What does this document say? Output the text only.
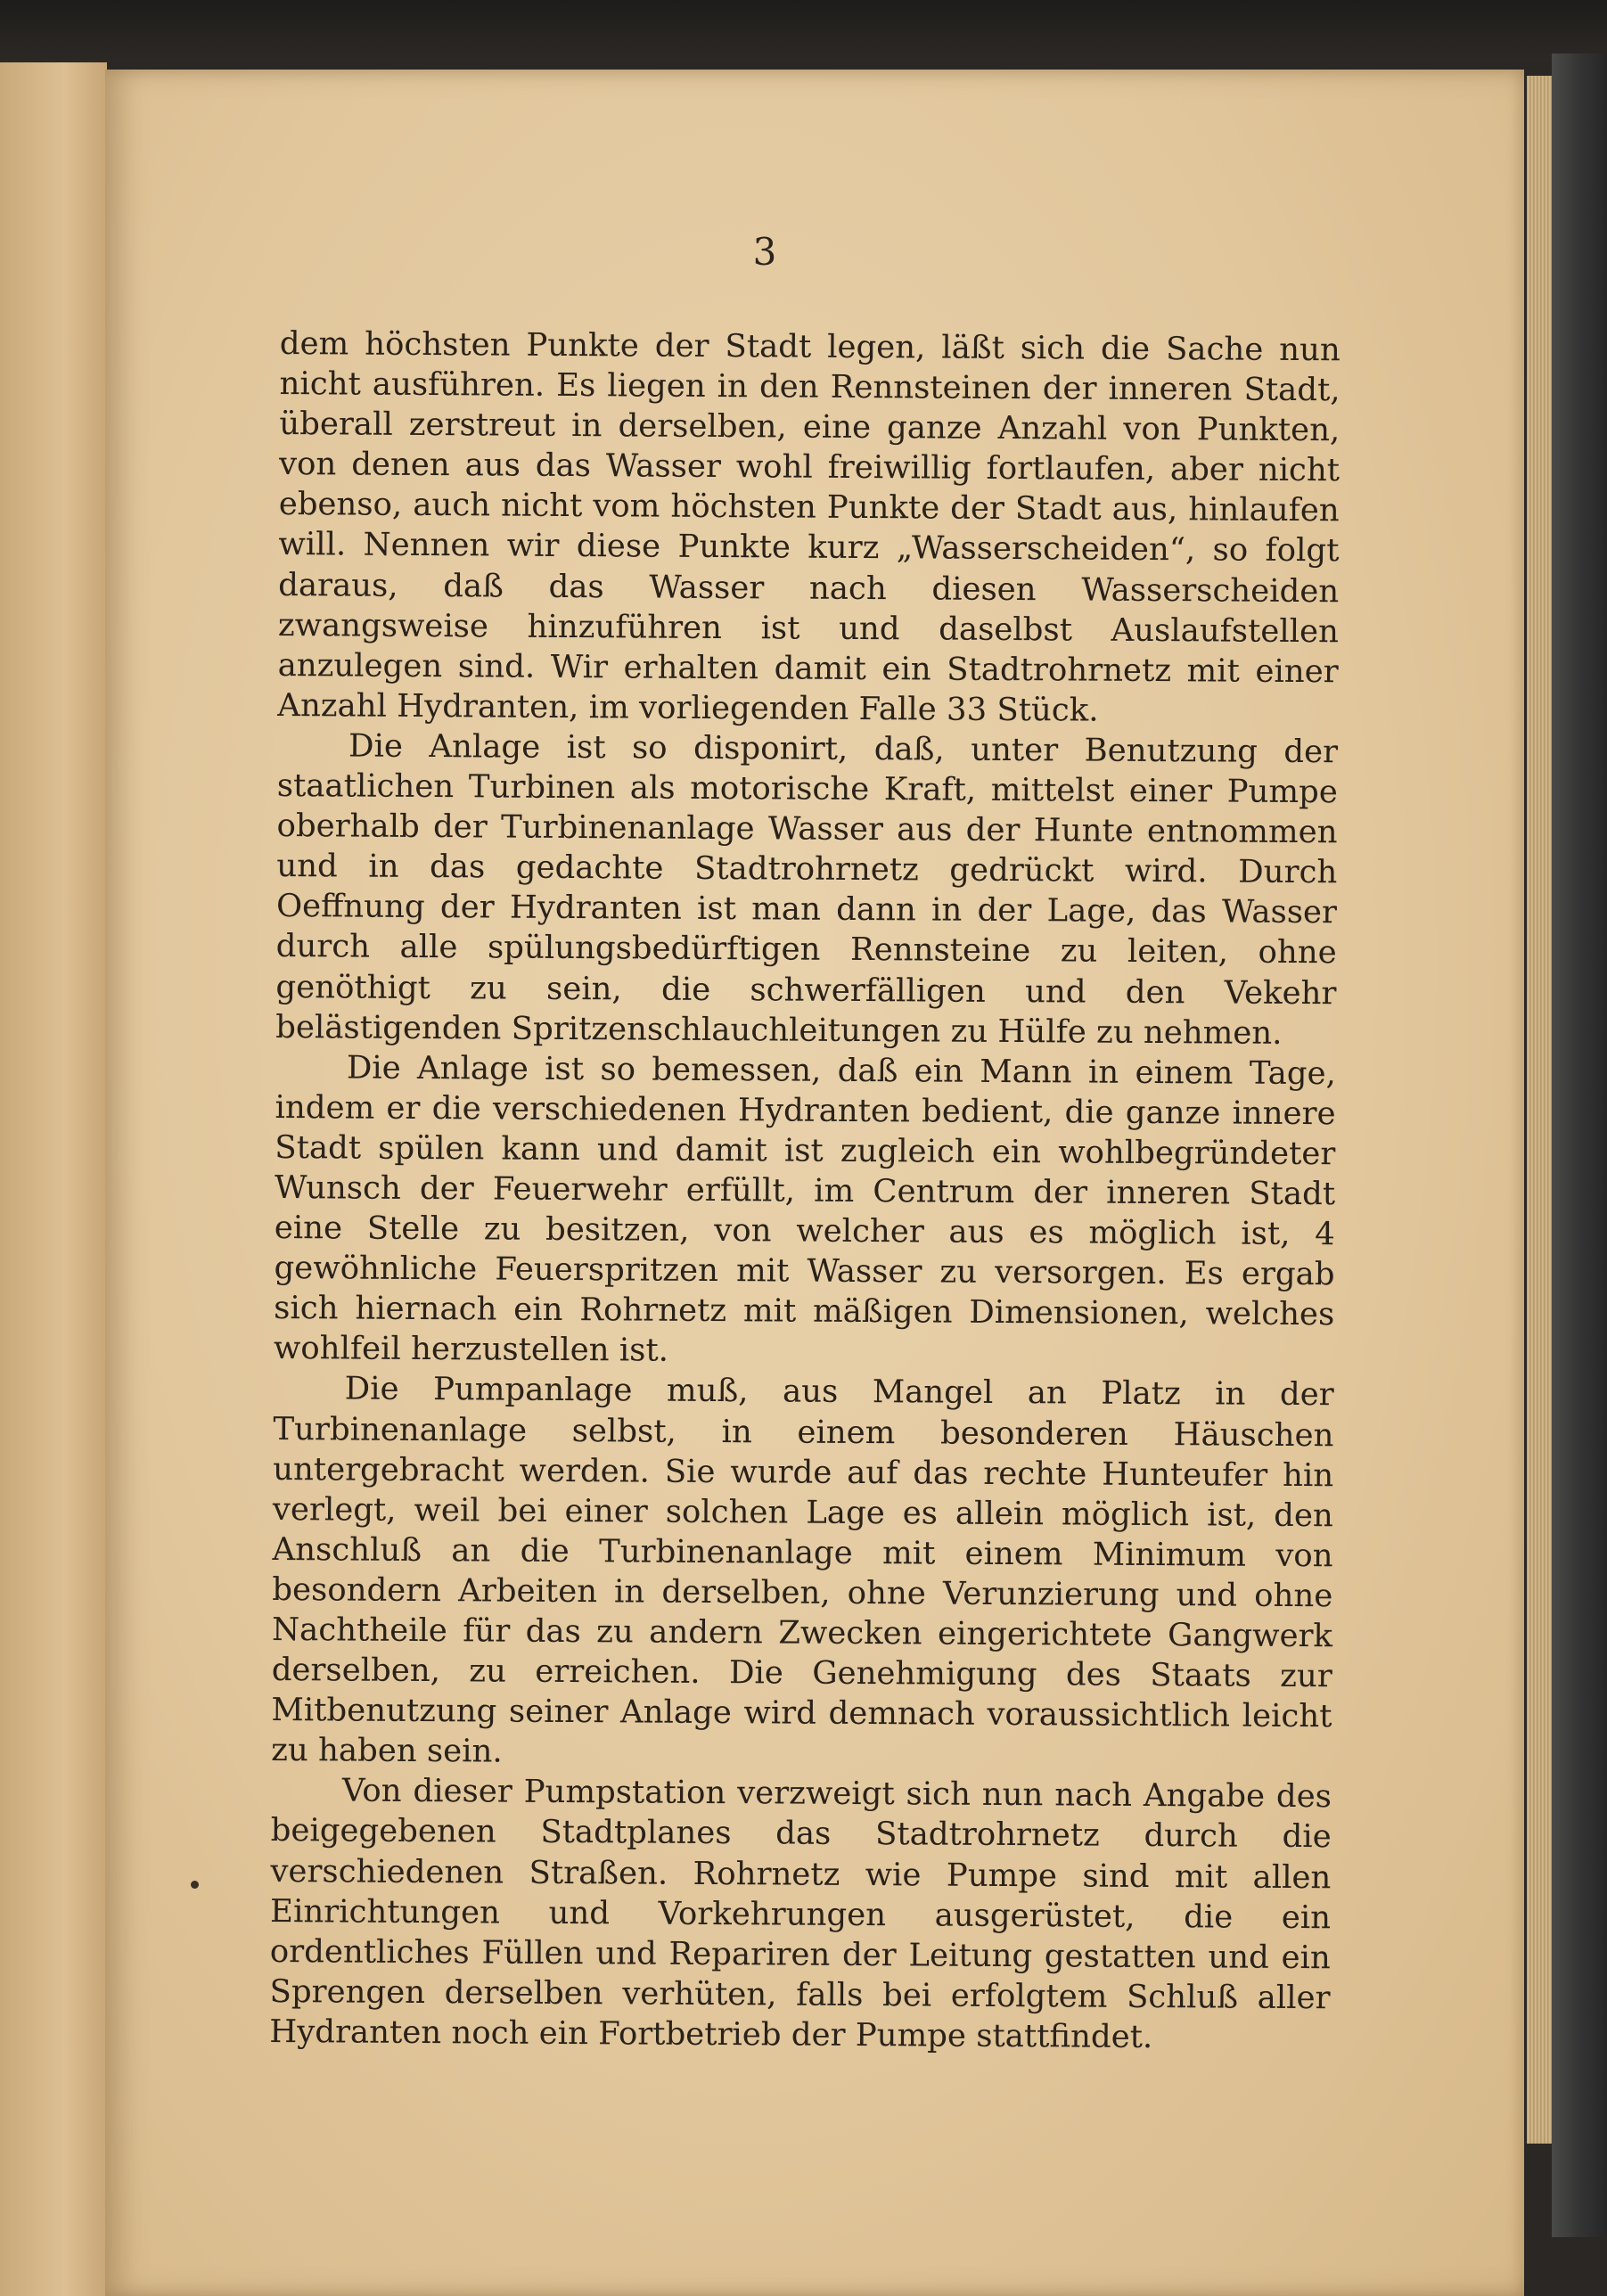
3

dem höchsten Punkte der Stadt legen, läßt sich die Sache nun nicht ausführen. Es liegen in den Rennsteinen der inneren Stadt, überall zerstreut in derselben, eine ganze Anzahl von Punkten, von denen aus das Wasser wohl freiwillig fortlaufen, aber nicht ebenso, auch nicht vom höchsten Punkte der Stadt aus, hinlaufen will. Nennen wir diese Punkte kurz „Wasserscheiden“, so folgt daraus, daß das Wasser nach diesen Wasserscheiden zwangsweise hinzuführen ist und daselbst Auslaufstellen anzulegen sind. Wir erhalten damit ein Stadtrohrnetz mit einer Anzahl Hydranten, im vorliegenden Falle 33 Stück.

Die Anlage ist so disponirt, daß, unter Benutzung der staatlichen Turbinen als motorische Kraft, mittelst einer Pumpe oberhalb der Turbinenanlage Wasser aus der Hunte entnommen und in das gedachte Stadtrohrnetz gedrückt wird. Durch Oeffnung der Hydranten ist man dann in der Lage, das Wasser durch alle spülungsbedürftigen Rennsteine zu leiten, ohne genöthigt zu sein, die schwerfälligen und den Vekehr belästigenden Spritzenschlauchleitungen zu Hülfe zu nehmen.

Die Anlage ist so bemessen, daß ein Mann in einem Tage, indem er die verschiedenen Hydranten bedient, die ganze innere Stadt spülen kann und damit ist zugleich ein wohlbegründeter Wunsch der Feuerwehr erfüllt, im Centrum der inneren Stadt eine Stelle zu besitzen, von welcher aus es möglich ist, 4 gewöhnliche Feuerspritzen mit Wasser zu versorgen. Es ergab sich hiernach ein Rohrnetz mit mäßigen Dimensionen, welches wohlfeil herzustellen ist.

Die Pumpanlage muß, aus Mangel an Platz in der Turbinenanlage selbst, in einem besonderen Häuschen untergebracht werden. Sie wurde auf das rechte Hunteufer hin verlegt, weil bei einer solchen Lage es allein möglich ist, den Anschluß an die Turbinenanlage mit einem Minimum von besondern Arbeiten in derselben, ohne Verunzierung und ohne Nachtheile für das zu andern Zwecken eingerichtete Gangwerk derselben, zu erreichen. Die Genehmigung des Staats zur Mitbenutzung seiner Anlage wird demnach voraussichtlich leicht zu haben sein.

Von dieser Pumpstation verzweigt sich nun nach Angabe des beigegebenen Stadtplanes das Stadtrohrnetz durch die verschiedenen Straßen. Rohrnetz wie Pumpe sind mit allen Einrichtungen und Vorkehrungen ausgerüstet, die ein ordentliches Füllen und Repariren der Leitung gestatten und ein Sprengen derselben verhüten, falls bei erfolgtem Schluß aller Hydranten noch ein Fortbetrieb der Pumpe stattfindet.
